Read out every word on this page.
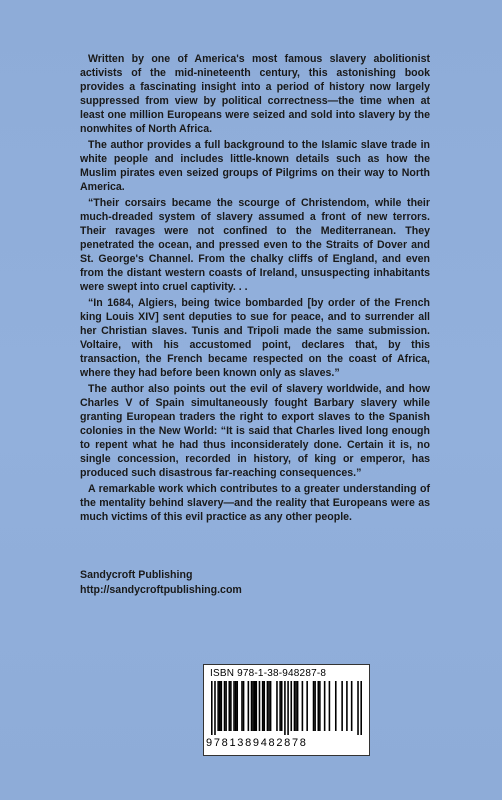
Written by one of America's most famous slavery abolitionist activists of the mid-nineteenth century, this astonishing book provides a fascinating insight into a period of history now largely suppressed from view by political correctness—the time when at least one million Europeans were seized and sold into slavery by the nonwhites of North Africa.

The author provides a full background to the Islamic slave trade in white people and includes little-known details such as how the Muslim pirates even seized groups of Pilgrims on their way to North America.

“Their corsairs became the scourge of Christendom, while their much-dreaded system of slavery assumed a front of new terrors. Their ravages were not confined to the Mediterranean. They penetrated the ocean, and pressed even to the Straits of Dover and St. George's Channel. From the chalky cliffs of England, and even from the distant western coasts of Ireland, unsuspecting inhabitants were swept into cruel captivity. . .

“In 1684, Algiers, being twice bombarded [by order of the French king Louis XIV] sent deputies to sue for peace, and to surrender all her Christian slaves. Tunis and Tripoli made the same submission. Voltaire, with his accustomed point, declares that, by this transaction, the French became respected on the coast of Africa, where they had before been known only as slaves.”

The author also points out the evil of slavery worldwide, and how Charles V of Spain simultaneously fought Barbary slavery while granting European traders the right to export slaves to the Spanish colonies in the New World: “It is said that Charles lived long enough to repent what he had thus inconsiderately done. Certain it is, no single concession, recorded in history, of king or emperor, has produced such disastrous far-reaching consequences.”

A remarkable work which contributes to a greater understanding of the mentality behind slavery—and the reality that Europeans were as much victims of this evil practice as any other people.

Sandycroft Publishing
http://sandycroftpublishing.com
ISBN 978-1-38-948287-8
9781389482878
